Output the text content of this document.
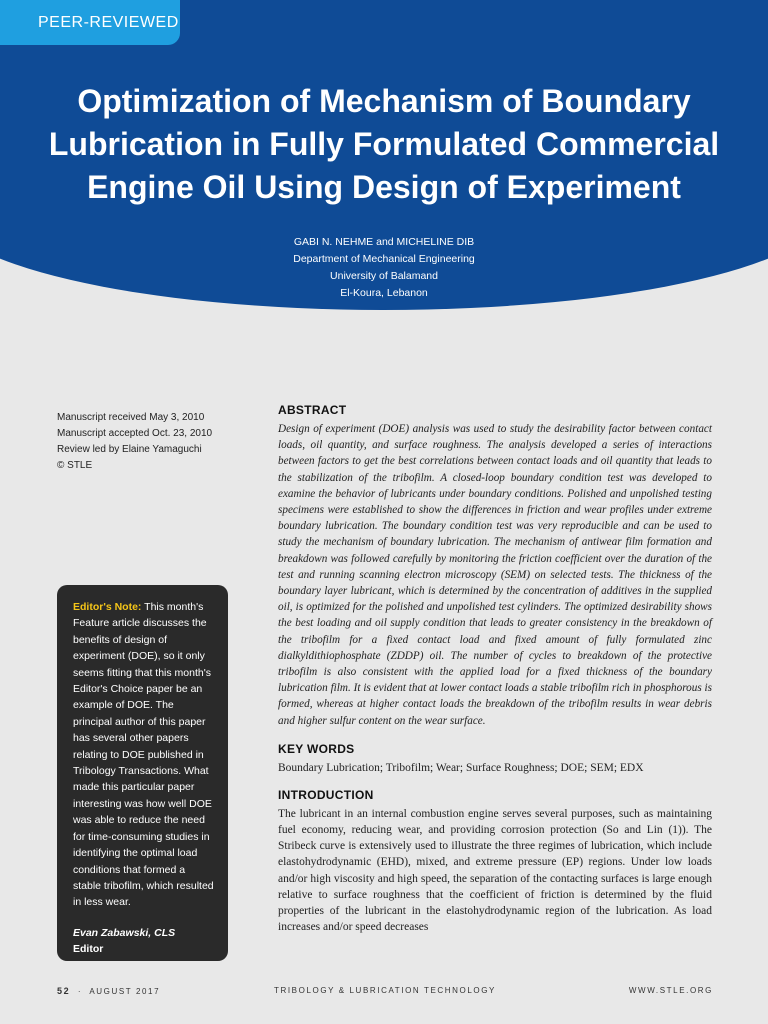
PEER-REVIEWED
Optimization of Mechanism of Boundary Lubrication in Fully Formulated Commercial Engine Oil Using Design of Experiment
GABI N. NEHME and MICHELINE DIB
Department of Mechanical Engineering
University of Balamand
El-Koura, Lebanon
Manuscript received May 3, 2010
Manuscript accepted Oct. 23, 2010
Review led by Elaine Yamaguchi
© STLE
Editor's Note: This month's Feature article discusses the benefits of design of experiment (DOE), so it only seems fitting that this month's Editor's Choice paper be an example of DOE. The principal author of this paper has several other papers relating to DOE published in Tribology Transactions. What made this particular paper interesting was how well DOE was able to reduce the need for time-consuming studies in identifying the optimal load conditions that formed a stable tribofilm, which resulted in less wear.
Evan Zabawski, CLS
Editor
ABSTRACT

Design of experiment (DOE) analysis was used to study the desirability factor between contact loads, oil quantity, and surface roughness. The analysis developed a series of interactions between factors to get the best correlations between contact loads and oil quantity that leads to the stabilization of the tribofilm. A closed-loop boundary condition test was developed to examine the behavior of lubricants under boundary conditions. Polished and unpolished testing specimens were established to show the differences in friction and wear profiles under extreme boundary lubrication. The boundary condition test was very reproducible and can be used to study the mechanism of boundary lubrication. The mechanism of antiwear film formation and breakdown was followed carefully by monitoring the friction coefficient over the duration of the test and running scanning electron microscopy (SEM) on selected tests. The thickness of the boundary layer lubricant, which is determined by the concentration of additives in the supplied oil, is optimized for the polished and unpolished test cylinders. The optimized desirability shows the best loading and oil supply condition that leads to greater consistency in the breakdown of the tribofilm for a fixed contact load and fixed amount of fully formulated zinc dialkyldithiophosphate (ZDDP) oil. The number of cycles to breakdown of the protective tribofilm is also consistent with the applied load for a fixed thickness of the boundary lubrication film. It is evident that at lower contact loads a stable tribofilm rich in phosphorous is formed, whereas at higher contact loads the breakdown of the tribofilm results in wear debris and higher sulfur content on the wear surface.

KEY WORDS

Boundary Lubrication; Tribofilm; Wear; Surface Roughness; DOE; SEM; EDX

INTRODUCTION

The lubricant in an internal combustion engine serves several purposes, such as maintaining fuel economy, reducing wear, and providing corrosion protection (So and Lin (1)). The Stribeck curve is extensively used to illustrate the three regimes of lubrication, which include elastohydrodynamic (EHD), mixed, and extreme pressure (EP) regions. Under low loads and/or high viscosity and high speed, the separation of the contacting surfaces is large enough relative to surface roughness that the coefficient of friction is determined by the fluid properties of the lubricant in the elastohydrodynamic region of the lubrication. As load increases and/or speed decreases

52  ·  AUGUST 2017	TRIBOLOGY & LUBRICATION TECHNOLOGY	WWW.STLE.ORG
